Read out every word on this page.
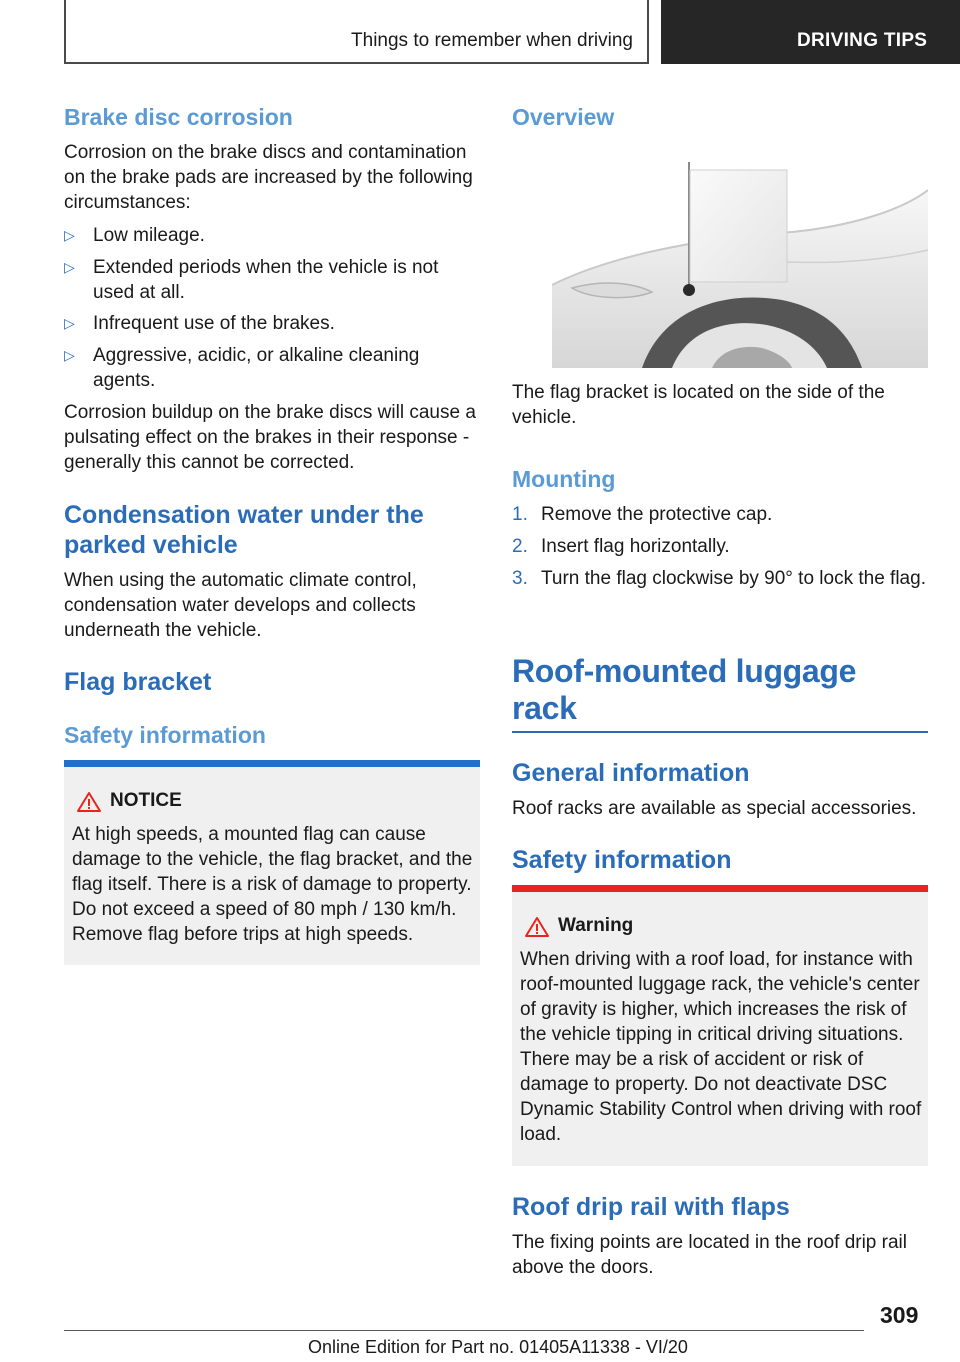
Things to remember when driving	DRIVING TIPS
Brake disc corrosion
Corrosion on the brake discs and contamination on the brake pads are increased by the following circumstances:
▷ Low mileage.
▷ Extended periods when the vehicle is not used at all.
▷ Infrequent use of the brakes.
▷ Aggressive, acidic, or alkaline cleaning agents.
Corrosion buildup on the brake discs will cause a pulsating effect on the brakes in their response - generally this cannot be corrected.
Condensation water under the parked vehicle
When using the automatic climate control, condensation water develops and collects underneath the vehicle.
Flag bracket
Safety information
NOTICE
At high speeds, a mounted flag can cause damage to the vehicle, the flag bracket, and the flag itself. There is a risk of damage to property. Do not exceed a speed of 80 mph / 130 km/h. Remove flag before trips at high speeds.
Overview
The flag bracket is located on the side of the vehicle.
Mounting
1. Remove the protective cap.
2. Insert flag horizontally.
3. Turn the flag clockwise by 90° to lock the flag.
Roof-mounted luggage rack
General information
Roof racks are available as special accessories.
Safety information
Warning
When driving with a roof load, for instance with roof-mounted luggage rack, the vehicle's center of gravity is higher, which increases the risk of the vehicle tipping in critical driving situations. There may be a risk of accident or risk of damage to property. Do not deactivate DSC Dynamic Stability Control when driving with roof load.
Roof drip rail with flaps
The fixing points are located in the roof drip rail above the doors.
309
Online Edition for Part no. 01405A11338 - VI/20
